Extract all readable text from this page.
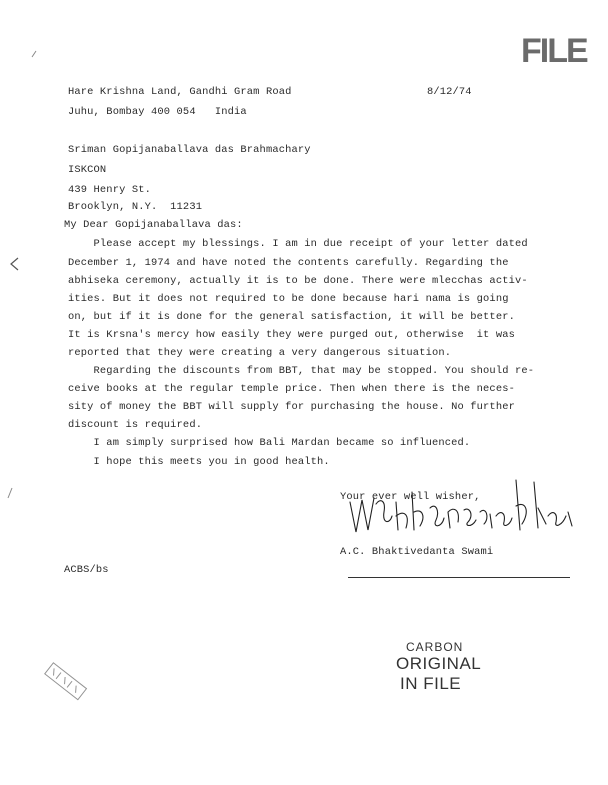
FILE
Hare Krishna Land, Gandhi Gram Road
Juhu, Bombay 400 054   India
8/12/74
Sriman Gopijanaballava das Brahmachary
ISKCON
439 Henry St.
Brooklyn, N.Y.  11231
My Dear Gopijanaballava das:
Please accept my blessings. I am in due receipt of your letter dated
December 1, 1974 and have noted the contents carefully. Regarding the
abhiseka ceremony, actually it is to be done. There were mlecchas activ-
ities. But it does not required to be done because hari nama is going
on, but if it is done for the general satisfaction, it will be better.
It is Krsna's mercy how easily they were purged out, otherwise  it was
reported that they were creating a very dangerous situation.
Regarding the discounts from BBT, that may be stopped. You should re-
ceive books at the regular temple price. Then when there is the neces-
sity of money the BBT will supply for purchasing the house. No further
discount is required.
I am simply surprised how Bali Mardan became so influenced.
I hope this meets you in good health.
Your ever well wisher,
A.C. Bhaktivedanta Swami
ACBS/bs
CARBON
ORIGINAL
IN FILE
